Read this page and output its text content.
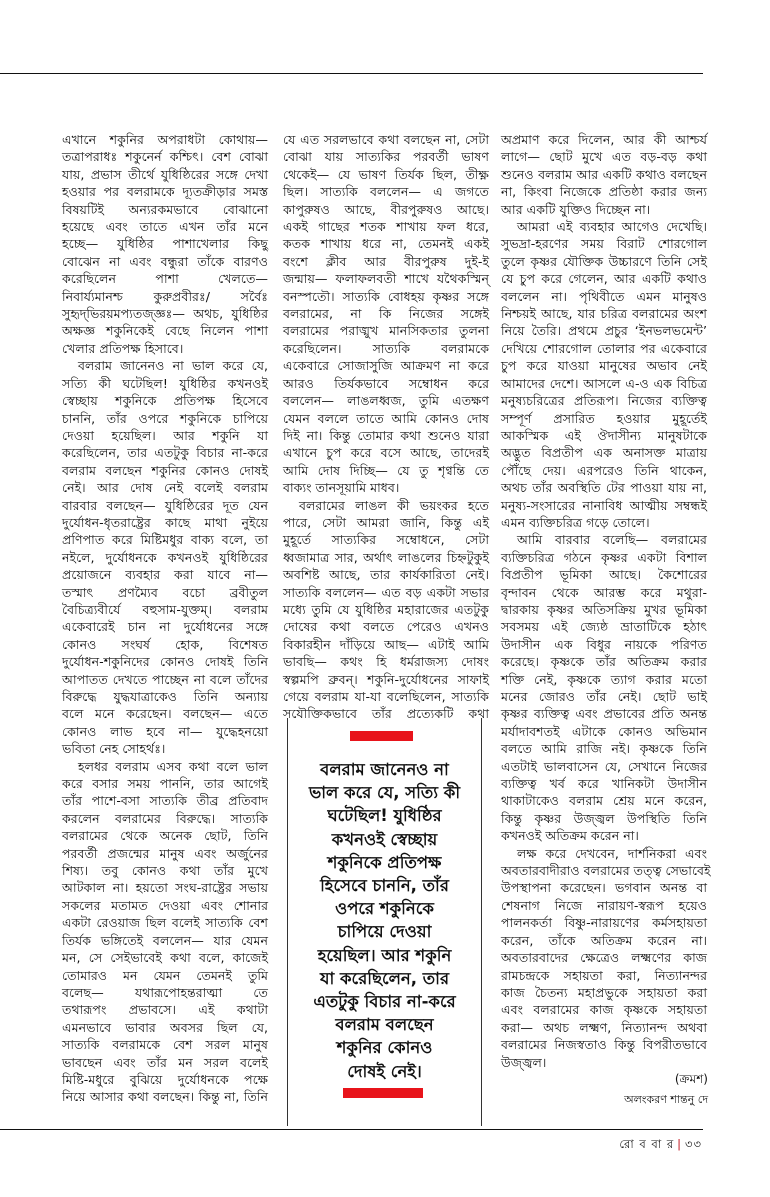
এখানে শকুনির অপরাধটা কোথায়—
তত্রাপরাধঃ শকুনের্ন কশ্চিৎ। বেশ বোঝা
যায়, প্রভাস তীর্থে যুধিষ্ঠিরের সঙ্গে দেখা
হওয়ার পর বলরামকে দ্যূতক্রীড়ার সমস্ত
বিষয়টিই অন্যরকমভাবে বোঝানো
হয়েছে এবং তাতে এখন তাঁর মনে
হচ্ছে— যুধিষ্ঠির পাশাখেলার কিছু
বোঝেন না এবং বন্ধুরা তাঁকে বারণও
করেছিলেন পাশা খেলতে—
নিবার্য্যমানশ্চ কুরুপ্রবীরঃ/ সর্বৈঃ
সুহৃদ্‌ভিরয়মপ্যতজ্জ্ঞঃ— অথচ, যুধিষ্ঠির
অক্ষজ্ঞ শকুনিকেই বেছে নিলেন পাশা
খেলার প্রতিপক্ষ হিসাবে।
বলরাম জানেনও না ভাল করে যে,
সত্যি কী ঘটেছিল! যুধিষ্ঠির কখনওই
স্বেচ্ছায় শকুনিকে প্রতিপক্ষ হিসেবে
চাননি, তাঁর ওপরে শকুনিকে চাপিয়ে
দেওয়া হয়েছিল। আর শকুনি যা
করেছিলেন, তার এতটুকু বিচার না-করে
বলরাম বলছেন শকুনির কোনও দোষই
নেই। আর দোষ নেই বলেই বলরাম
বারবার বলছেন— যুধিষ্ঠিরের দূত যেন
দুর্যোধন-ধৃতরাষ্ট্রের কাছে মাথা নুইয়ে
প্রণিপাত করে মিষ্টিমধুর বাক্য বলে, তা
নইলে, দুর্যোধনকে কখনওই যুধিষ্ঠিরের
প্রয়োজনে ব্যবহার করা যাবে না—
তস্মাৎ প্রণম্যৈব বচো ব্রবীতুল
বৈচিত্র্যবীর্যে বহুসাম-যুক্তম্। বলরাম
একেবারেই চান না দুর্যোধনের সঙ্গে
কোনও সংঘর্ষ হোক, বিশেষত
দুর্যোধন-শকুনিদের কোনও দোষই তিনি
আপাতত দেখতে পাচ্ছেন না বলে তাঁদের
বিরুদ্ধে যুদ্ধযাত্রাকেও তিনি অন্যায়
বলে মনে করেছেন। বলছেন— এতে
কোনও লাভ হবে না— যুদ্ধেহনয়ো
ভবিতা নেহ সোহর্থঃ।
হলধর বলরাম এসব কথা বলে ভাল
করে বসার সময় পাননি, তার আগেই
তাঁর পাশে-বসা সাত্যকি তীব্র প্রতিবাদ
করলেন বলরামের বিরুদ্ধে। সাত্যকি
বলরামের থেকে অনেক ছোট, তিনি
পরবর্তী প্রজন্মের মানুষ এবং অর্জুনের
শিষ্য। তবু কোনও কথা তাঁর মুখে
আটকাল না। হয়তো সংঘ-রাষ্ট্রের সভায়
সকলের মতামত দেওয়া এবং শোনার
একটা রেওয়াজ ছিল বলেই সাত্যকি বেশ
তির্যক ভঙ্গিতেই বললেন— যার যেমন
মন, সে সেইভাবেই কথা বলে, কাজেই
তোমারও মন যেমন তেমনই তুমি
বলেছ— যথারূপোহন্তরাত্মা তে
তথারূপং প্রভাবসে। এই কথাটা
এমনভাবে ভাবার অবসর ছিল যে,
সাত্যকি বলরামকে বেশ সরল মানুষ
ভাবছেন এবং তাঁর মন সরল বলেই
মিষ্টি-মধুরে বুঝিয়ে দুর্যোধনকে পক্ষে
নিয়ে আসার কথা বলছেন। কিন্তু না, তিনি
যে এত সরলভাবে কথা বলছেন না, সেটা
বোঝা যায় সাত্যকির পরবর্তী ভাষণ
থেকেই— যে ভাষণ তির্যক ছিল, তীক্ষ্ণ
ছিল। সাত্যকি বললেন— এ জগতে
কাপুরুষও আছে, বীরপুরুষও আছে।
একই গাছের শতক শাখায় ফল ধরে,
কতক শাখায় ধরে না, তেমনই একই
বংশে ক্লীব আর বীরপুরুষ দুই-ই
জন্মায়— ফলাফলবতী শাখে যথৈকস্মিন্
বনস্পতৌ। সাত্যকি বোধহয় কৃষ্ণর সঙ্গে
বলরামের, না কি নিজের সঙ্গেই
বলরামের পরাঙ্মুখ মানসিকতার তুলনা
করেছিলেন। সাত্যকি বলরামকে
একেবারে সোজাসুজি আক্রমণ না করে
আরও তির্যকভাবে সম্বোধন করে
বললেন— লাঙলধ্বজ, তুমি এতক্ষণ
যেমন বললে তাতে আমি কোনও দোষ
দিই না। কিন্তু তোমার কথা শুনেও যারা
এখানে চুপ করে বসে আছে, তাদেরই
আমি দোষ দিচ্ছি— যে তু শৃণ্বন্তি তে
বাক্যং তানসূয়ামি মাধব।
বলরামের লাঙল কী ভয়ংকর হতে
পারে, সেটা আমরা জানি, কিন্তু এই
মুহূর্তে সাত্যকির সম্বোধনে, সেটা
ধ্বজামাত্র সার, অর্থাৎ লাঙলের চিহ্নটুকুই
অবশিষ্ট আছে, তার কার্যকারিতা নেই।
সাত্যকি বললেন— এত বড় একটা সভার
মধ্যে তুমি যে যুধিষ্ঠির মহারাজের এতটুকু
দোষের কথা বলতে পেরেও এখনও
বিকারহীন দাঁড়িয়ে আছ— এটাই আমি
ভাবছি— কথং হি ধর্মরাজস্য দোষং
স্বল্পমপি ব্রুবন্। শকুনি-দুর্যোধনের সাফাই
গেয়ে বলরাম যা-যা বলেছিলেন, সাত্যকি
সযৌক্তিকভাবে তাঁর প্রত্যেকটি কথা
অপ্রমাণ করে দিলেন, আর কী আশ্চর্য
লাগে— ছোট মুখে এত বড়-বড় কথা
শুনেও বলরাম আর একটি কথাও বলছেন
না, কিংবা নিজেকে প্রতিষ্ঠা করার জন্য
আর একটি যুক্তিও দিচ্ছেন না।
আমরা এই ব্যবহার আগেও দেখেছি।
সুভদ্রা-হরণের সময় বিরাট শোরগোল
তুলে কৃষ্ণর যৌক্তিক উচ্চারণে তিনি সেই
যে চুপ করে গেলেন, আর একটি কথাও
বললেন না। পৃথিবীতে এমন মানুষও
নিশ্চয়ই আছে, যার চরিত্র বলরামের অংশ
নিয়ে তৈরি। প্রথমে প্রচুর ‘ইনভলভমেন্ট’
দেখিয়ে শোরগোল তোলার পর একেবারে
চুপ করে যাওয়া মানুষের অভাব নেই
আমাদের দেশে। আসলে এ-ও এক বিচিত্র
মনুষ্যচরিত্রের প্রতিরূপ। নিজের ব্যক্তিত্ব
সম্পূর্ণ প্রসারিত হওয়ার মুহূর্তেই
আকস্মিক এই ঔদাসীন্য মানুষটাকে
অদ্ভুত বিপ্রতীপ এক অনাসক্ত মাত্রায়
পৌঁছে দেয়। এরপরেও তিনি থাকেন,
অথচ তাঁর অবস্থিতি টের পাওয়া যায় না,
মনুষ্য-সংসারের নানাবিধ আত্মীয় সম্বন্ধই
এমন ব্যক্তিচরিত্র গড়ে তোলে।
আমি বারবার বলেছি— বলরামের
ব্যক্তিচরিত্র গঠনে কৃষ্ণর একটা বিশাল
বিপ্রতীপ ভূমিকা আছে। কৈশোরের
বৃন্দাবন থেকে আরম্ভ করে মথুরা-
দ্বারকায় কৃষ্ণর অতিসক্রিয় মুখর ভূমিকা
সবসময় এই জ্যেষ্ঠ ভ্রাতাটিকে হঠাৎ
উদাসীন এক বিধুর নায়কে পরিণত
করেছে। কৃষ্ণকে তাঁর অতিক্রম করার
শক্তি নেই, কৃষ্ণকে ত্যাগ করার মতো
মনের জোরও তাঁর নেই। ছোট ভাই
কৃষ্ণর ব্যক্তিত্ব এবং প্রভাবের প্রতি অনন্ত
মর্যাদাবশতই এটাকে কোনও অভিমান
বলতে আমি রাজি নই। কৃষ্ণকে তিনি
এতটাই ভালবাসেন যে, সেখানে নিজের
ব্যক্তিত্ব খর্ব করে খানিকটা উদাসীন
থাকাটাকেও বলরাম শ্রেয় মনে করেন,
কিন্তু কৃষ্ণর উজ্জ্বল উপস্থিতি তিনি
কখনওই অতিক্রম করেন না।
লক্ষ করে দেখবেন, দার্শনিকরা এবং
অবতারবাদীরাও বলরামের তত্ত্ব সেভাবেই
উপস্থাপনা করেছেন। ভগবান অনন্ত বা
শেষনাগ নিজে নারায়ণ-স্বরূপ হয়েও
পালনকর্তা বিষ্ণু-নারায়ণের কর্মসহায়তা
করেন, তাঁকে অতিক্রম করেন না।
অবতারবাদের ক্ষেত্রেও লক্ষ্মণের কাজ
রামচন্দ্রকে সহায়তা করা, নিত্যানন্দর
কাজ চৈতন্য মহাপ্রভুকে সহায়তা করা
এবং বলরামের কাজ কৃষ্ণকে সহায়তা
করা— অথচ লক্ষ্মণ, নিত্যানন্দ অথবা
বলরামের নিজস্বতাও কিন্তু বিপরীতভাবে
উজ্জ্বল।
বলরাম জানেনও না
ভাল করে যে, সত্যি কী
ঘটেছিল! যুধিষ্ঠির
কখনওই স্বেচ্ছায়
শকুনিকে প্রতিপক্ষ
হিসেবে চাননি, তাঁর
ওপরে শকুনিকে
চাপিয়ে দেওয়া
হয়েছিল। আর শকুনি
যা করেছিলেন, তার
এতটুকু বিচার না-করে
বলরাম বলছেন
শকুনির কোনও
দোষই নেই।	(ক্রমশ)
অলংকরণ শান্তনু দে
রো ব বা র | ৩৩
